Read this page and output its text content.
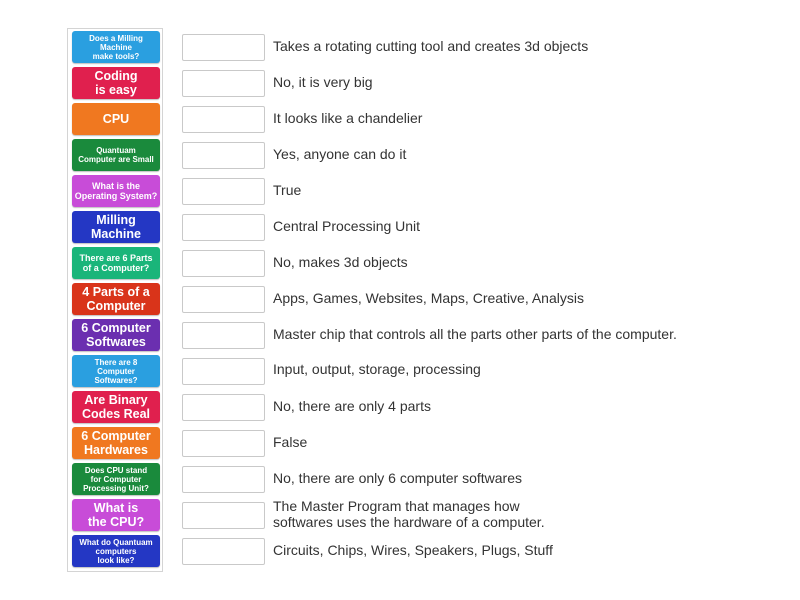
Does a Milling
Machine
make tools?
Coding
is easy
CPU
Quantuam
Computer are Small
What is the
Operating System?
Milling
Machine
There are 6 Parts
of a Computer?
4 Parts of a
Computer
6 Computer
Softwares
There are 8
Computer
Softwares?
Are Binary
Codes Real
6 Computer
Hardwares
Does CPU stand
for Computer
Processing Unit?
What is
the CPU?
What do Quantuam
computers
look like?
Takes a rotating cutting tool and creates 3d objects
No, it is very big
It looks like a chandelier
Yes, anyone can do it
True
Central Processing Unit
No, makes 3d objects
Apps, Games, Websites, Maps, Creative, Analysis
Master chip that controls all the parts other parts of the computer.
Input, output, storage, processing
No, there are only 4 parts
False
No, there are only 6 computer softwares
The Master Program that manages how
softwares uses the hardware of a computer.
Circuits, Chips, Wires, Speakers, Plugs, Stuff
